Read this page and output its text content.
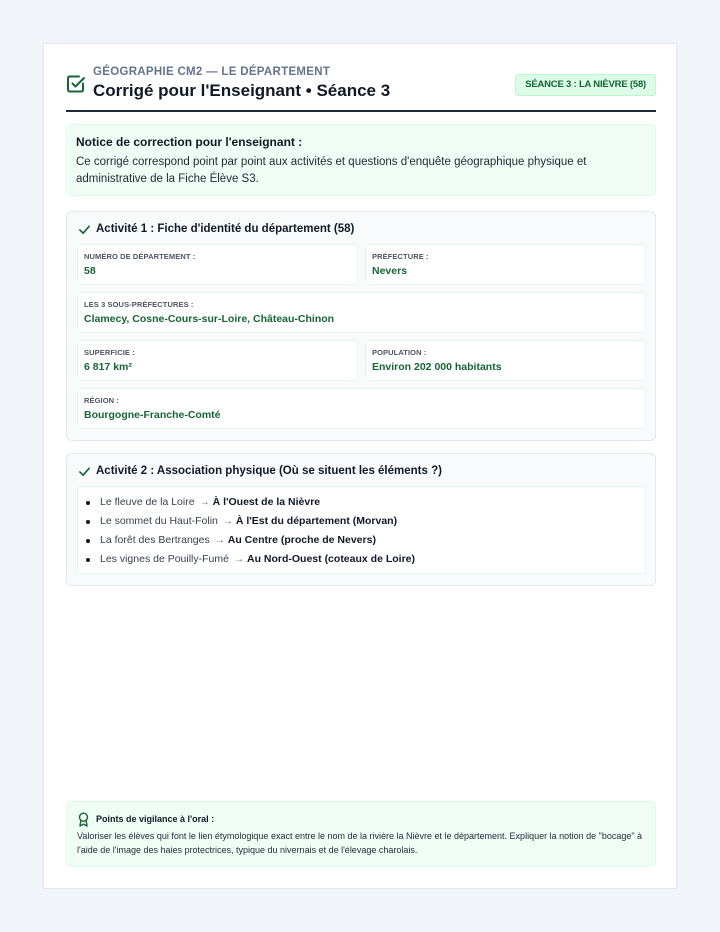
GÉOGRAPHIE CM2 — LE DÉPARTEMENT
Corrigé pour l'Enseignant • Séance 3	SÉANCE 3 : LA NIÈVRE (58)
Notice de correction pour l'enseignant :
Ce corrigé correspond point par point aux activités et questions d'enquête géographique physique et administrative de la Fiche Élève S3.
Activité 1 : Fiche d'identité du département (58)
NUMÉRO DE DÉPARTEMENT :
58
PRÉFECTURE :
Nevers
LES 3 SOUS-PRÉFECTURES :
Clamecy, Cosne-Cours-sur-Loire, Château-Chinon
SUPERFICIE :
6 817 km²
POPULATION :
Environ 202 000 habitants
RÉGION :
Bourgogne-Franche-Comté
Activité 2 : Association physique (Où se situent les éléments ?)
Le fleuve de la Loire → À l'Ouest de la Nièvre
Le sommet du Haut-Folin → À l'Est du département (Morvan)
La forêt des Bertranges → Au Centre (proche de Nevers)
Les vignes de Pouilly-Fumé → Au Nord-Ouest (coteaux de Loire)
Points de vigilance à l'oral :
Valoriser les élèves qui font le lien étymologique exact entre le nom de la rivière la Nièvre et le département. Expliquer la notion de "bocage" à l'aide de l'image des haies protectrices, typique du nivernais et de l'élevage charolais.
